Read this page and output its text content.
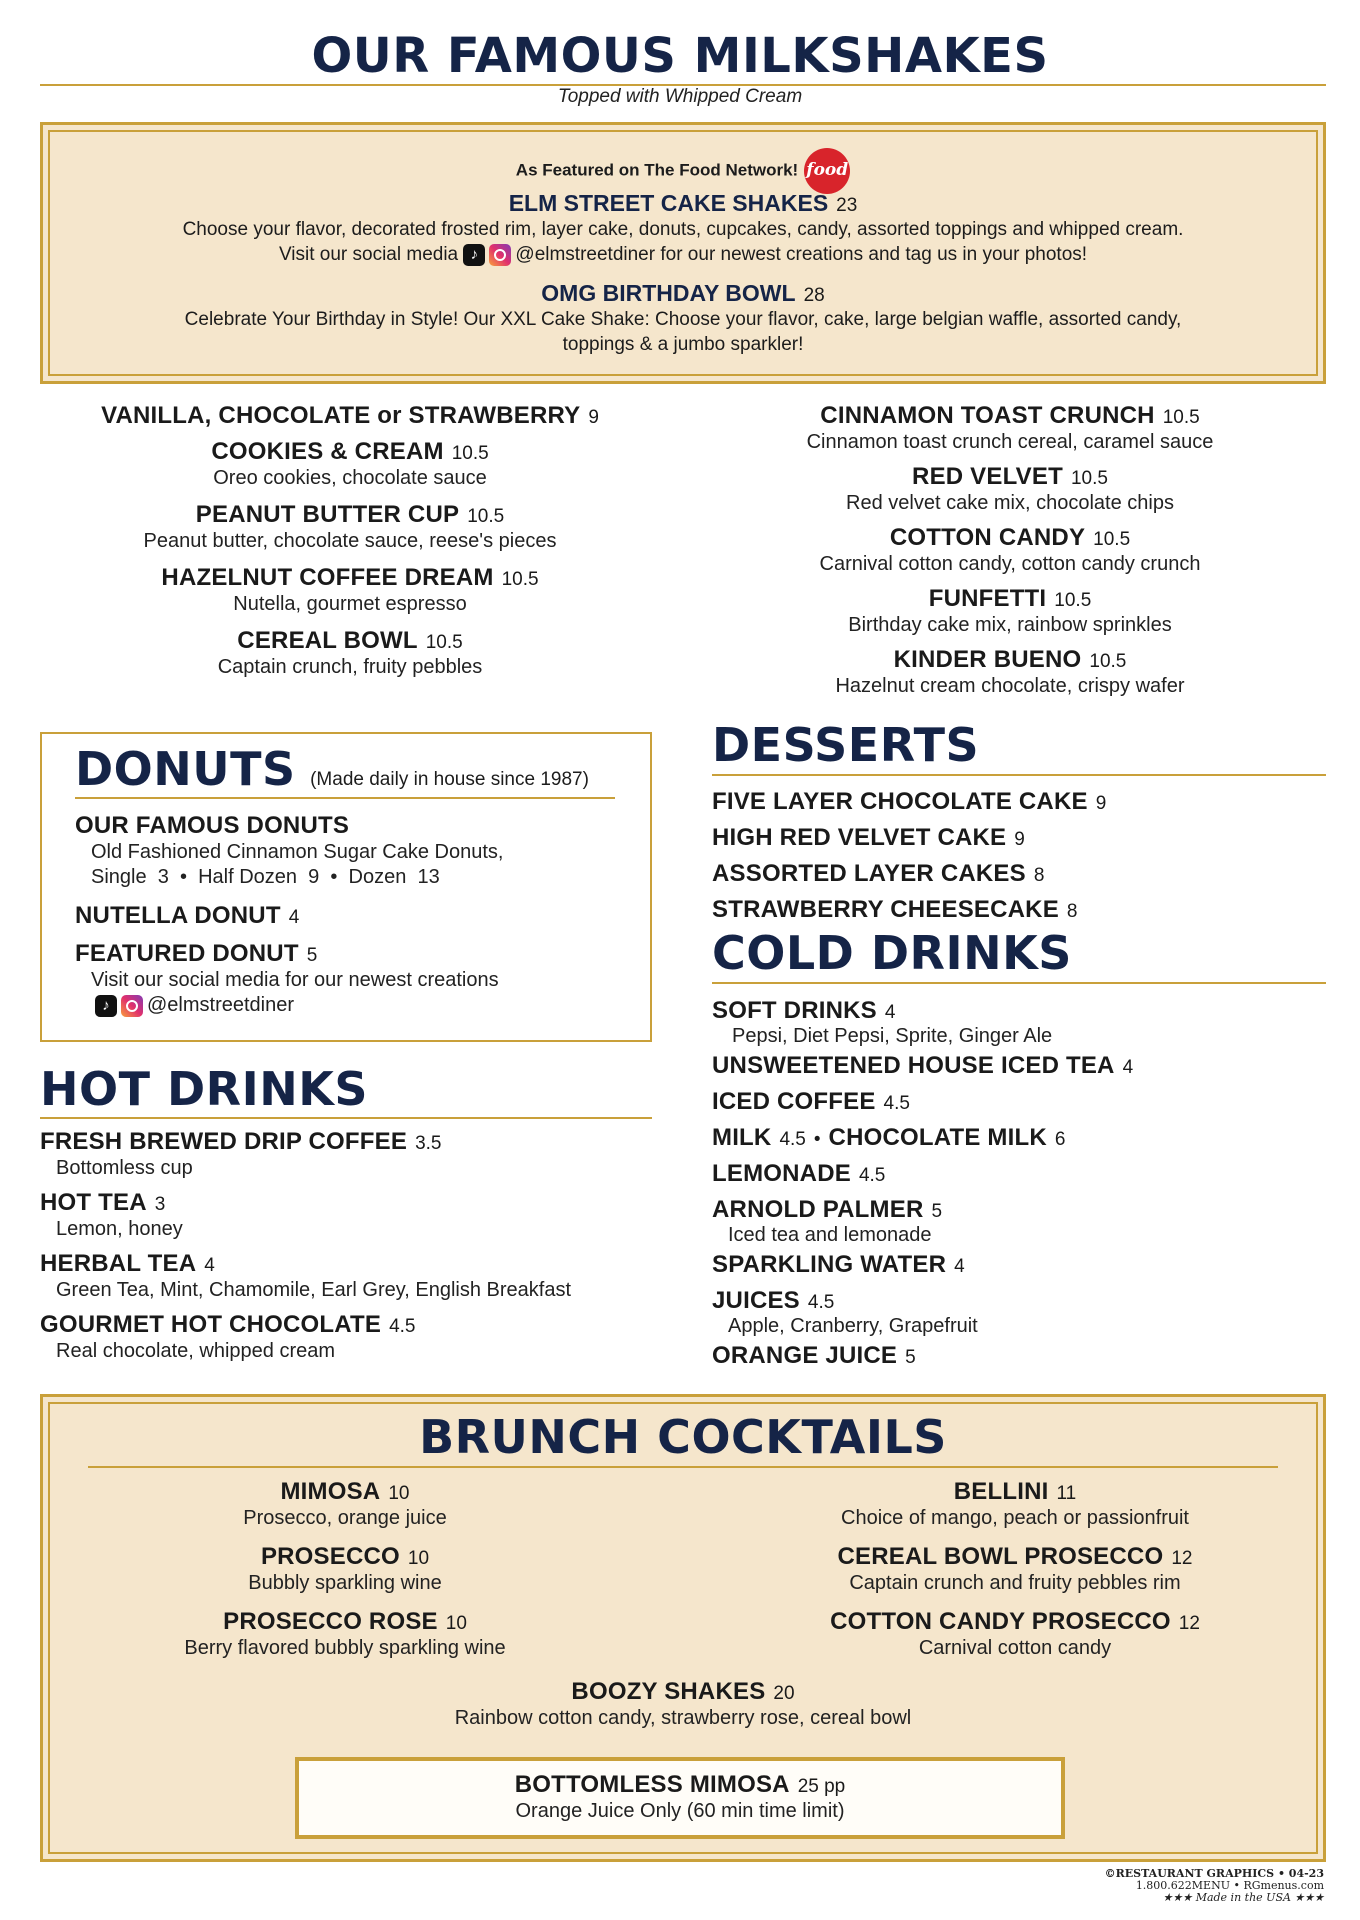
OUR FAMOUS MILKSHAKES
Topped with Whipped Cream
As Featured on The Food Network! food
ELM STREET CAKE SHAKES 23
Choose your flavor, decorated frosted rim, layer cake, donuts, cupcakes, candy, assorted toppings and whipped cream.
Visit our social media ♪ @elmstreetdiner for our newest creations and tag us in your photos!
OMG BIRTHDAY BOWL 28
Celebrate Your Birthday in Style! Our XXL Cake Shake: Choose your flavor, cake, large belgian waffle, assorted candy,
toppings & a jumbo sparkler!
VANILLA, CHOCOLATE or STRAWBERRY 9
COOKIES & CREAM 10.5
Oreo cookies, chocolate sauce
PEANUT BUTTER CUP 10.5
Peanut butter, chocolate sauce, reese's pieces
HAZELNUT COFFEE DREAM 10.5
Nutella, gourmet espresso
CEREAL BOWL 10.5
Captain crunch, fruity pebbles
CINNAMON TOAST CRUNCH 10.5
Cinnamon toast crunch cereal, caramel sauce
RED VELVET 10.5
Red velvet cake mix, chocolate chips
COTTON CANDY 10.5
Carnival cotton candy, cotton candy crunch
FUNFETTI 10.5
Birthday cake mix, rainbow sprinkles
KINDER BUENO 10.5
Hazelnut cream chocolate, crispy wafer
DONUTS (Made daily in house since 1987)
OUR FAMOUS DONUTS
Old Fashioned Cinnamon Sugar Cake Donuts,
Single 3  •  Half Dozen 9  •  Dozen 13
NUTELLA DONUT 4
FEATURED DONUT 5
Visit our social media for our newest creations
♪ @elmstreetdiner
HOT DRINKS
FRESH BREWED DRIP COFFEE 3.5
Bottomless cup
HOT TEA 3
Lemon, honey
HERBAL TEA 4
Green Tea, Mint, Chamomile, Earl Grey, English Breakfast
GOURMET HOT CHOCOLATE 4.5
Real chocolate, whipped cream
DESSERTS
FIVE LAYER CHOCOLATE CAKE 9
HIGH RED VELVET CAKE 9
ASSORTED LAYER CAKES 8
STRAWBERRY CHEESECAKE 8
COLD DRINKS
SOFT DRINKS 4
Pepsi, Diet Pepsi, Sprite, Ginger Ale
UNSWEETENED HOUSE ICED TEA 4
ICED COFFEE 4.5
MILK 4.5 • CHOCOLATE MILK 6
LEMONADE 4.5
ARNOLD PALMER 5
Iced tea and lemonade
SPARKLING WATER 4
JUICES 4.5
Apple, Cranberry, Grapefruit
ORANGE JUICE 5
BRUNCH COCKTAILS
MIMOSA 10
Prosecco, orange juice
PROSECCO 10
Bubbly sparkling wine
PROSECCO ROSE 10
Berry flavored bubbly sparkling wine
BELLINI 11
Choice of mango, peach or passionfruit
CEREAL BOWL PROSECCO 12
Captain crunch and fruity pebbles rim
COTTON CANDY PROSECCO 12
Carnival cotton candy
BOOZY SHAKES 20
Rainbow cotton candy, strawberry rose, cereal bowl
BOTTOMLESS MIMOSA 25 pp
Orange Juice Only (60 min time limit)
©RESTAURANT GRAPHICS • 04-23
1.800.622MENU • RGmenus.com
★★★ Made in the USA ★★★
